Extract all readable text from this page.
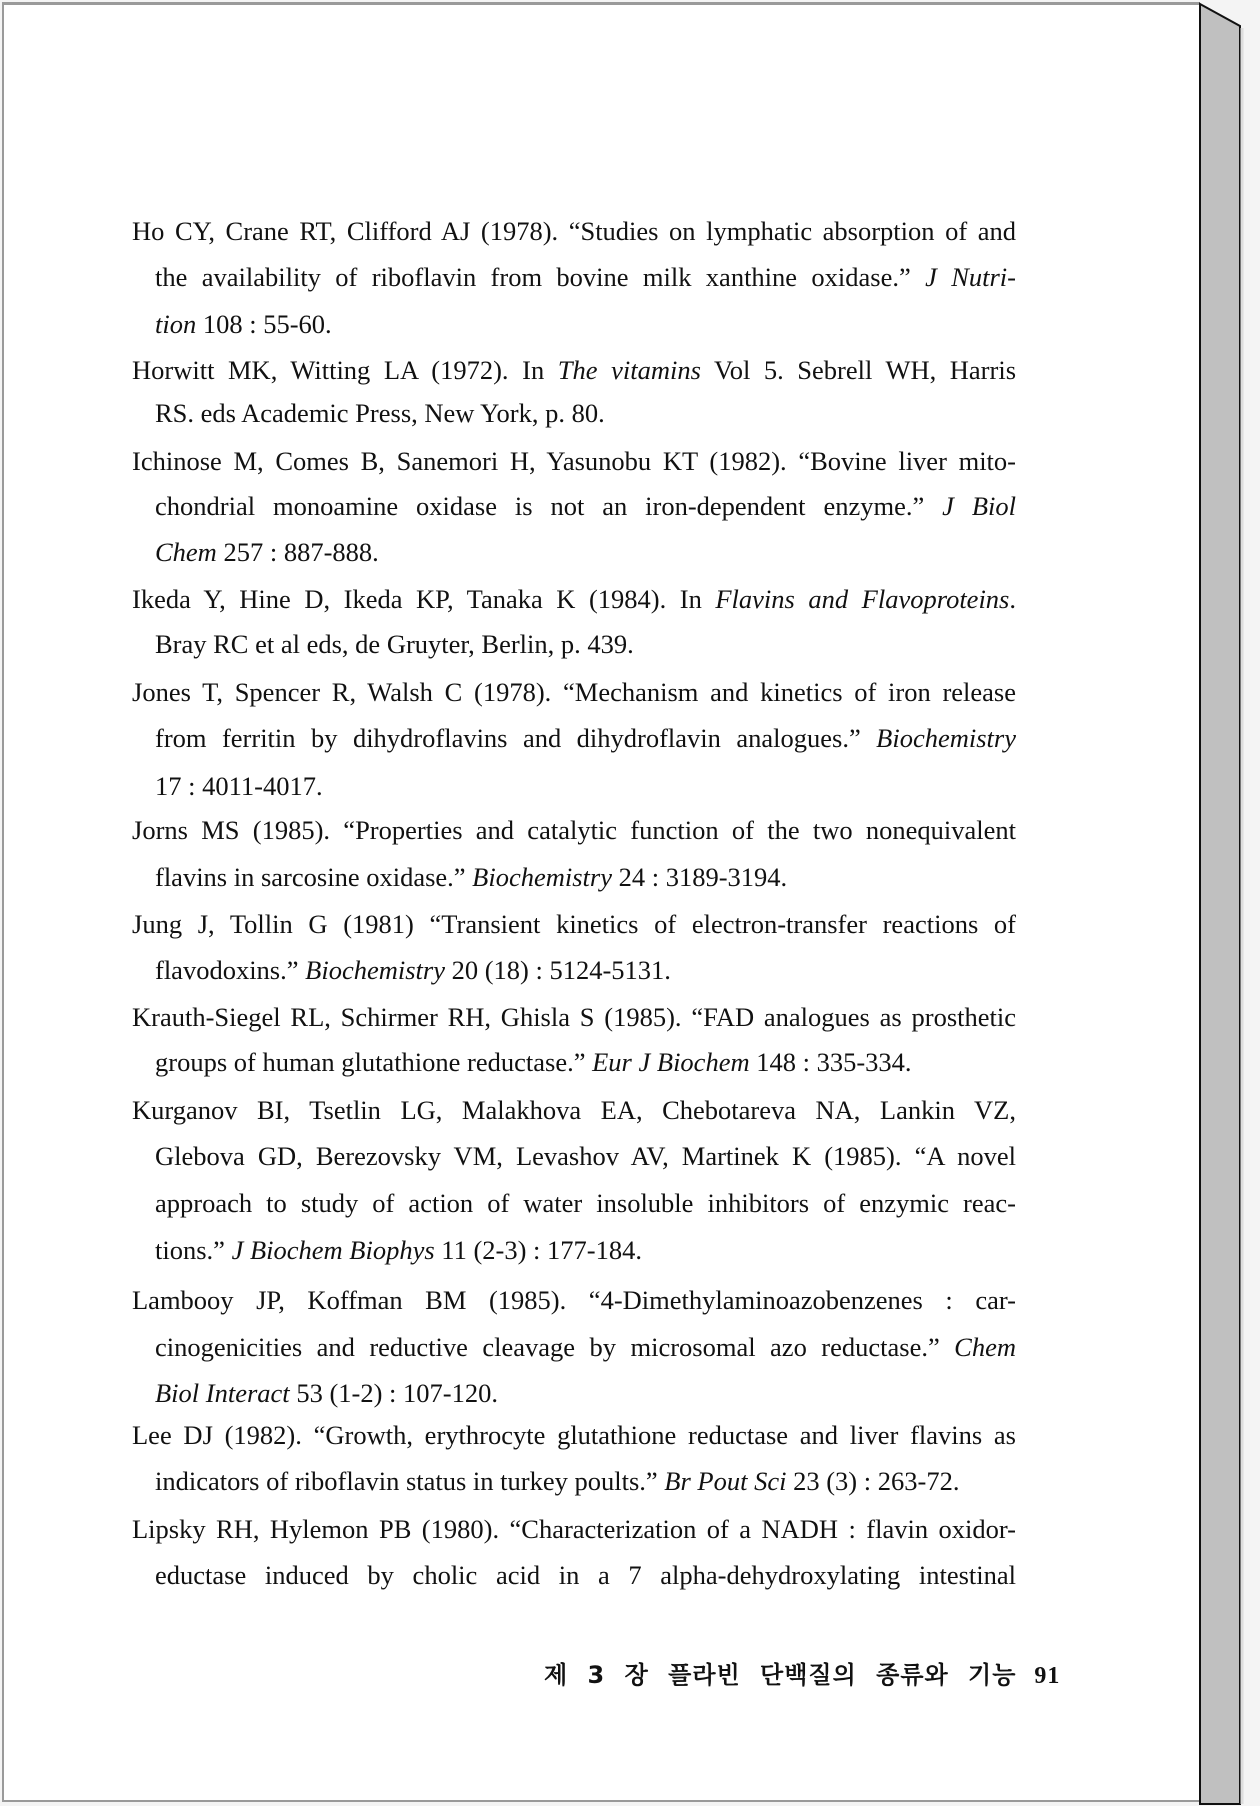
Ho CY, Crane RT, Clifford AJ (1978). “Studies on lymphatic absorption of and
the availability of riboflavin from bovine milk xanthine oxidase.” J Nutri-
tion 108 : 55-60.
Horwitt MK, Witting LA (1972). In The vitamins Vol 5. Sebrell WH, Harris
RS. eds Academic Press, New York, p. 80.
Ichinose M, Comes B, Sanemori H, Yasunobu KT (1982). “Bovine liver mito-
chondrial monoamine oxidase is not an iron-dependent enzyme.” J Biol
Chem 257 : 887-888.
Ikeda Y, Hine D, Ikeda KP, Tanaka K (1984). In Flavins and Flavoproteins.
Bray RC et al eds, de Gruyter, Berlin, p. 439.
Jones T, Spencer R, Walsh C (1978). “Mechanism and kinetics of iron release
from ferritin by dihydroflavins and dihydroflavin analogues.” Biochemistry
17 : 4011-4017.
Jorns MS (1985). “Properties and catalytic function of the two nonequivalent
flavins in sarcosine oxidase.” Biochemistry 24 : 3189-3194.
Jung J, Tollin G (1981) “Transient kinetics of electron-transfer reactions of
flavodoxins.” Biochemistry 20 (18) : 5124-5131.
Krauth-Siegel RL, Schirmer RH, Ghisla S (1985). “FAD analogues as prosthetic
groups of human glutathione reductase.” Eur J Biochem 148 : 335-334.
Kurganov BI, Tsetlin LG, Malakhova EA, Chebotareva NA, Lankin VZ,
Glebova GD, Berezovsky VM, Levashov AV, Martinek K (1985). “A novel
approach to study of action of water insoluble inhibitors of enzymic reac-
tions.” J Biochem Biophys 11 (2-3) : 177-184.
Lambooy JP, Koffman BM (1985). “4-Dimethylaminoazobenzenes : car-
cinogenicities and reductive cleavage by microsomal azo reductase.” Chem
Biol Interact 53 (1-2) : 107-120.
Lee DJ (1982). “Growth, erythrocyte glutathione reductase and liver flavins as
indicators of riboflavin status in turkey poults.” Br Pout Sci 23 (3) : 263-72.
Lipsky RH, Hylemon PB (1980). “Characterization of a NADH : flavin oxidor-
eductase induced by cholic acid in a 7 alpha-dehydroxylating intestinal
제 3 장 플라빈 단백질의 종류와 기능 91
